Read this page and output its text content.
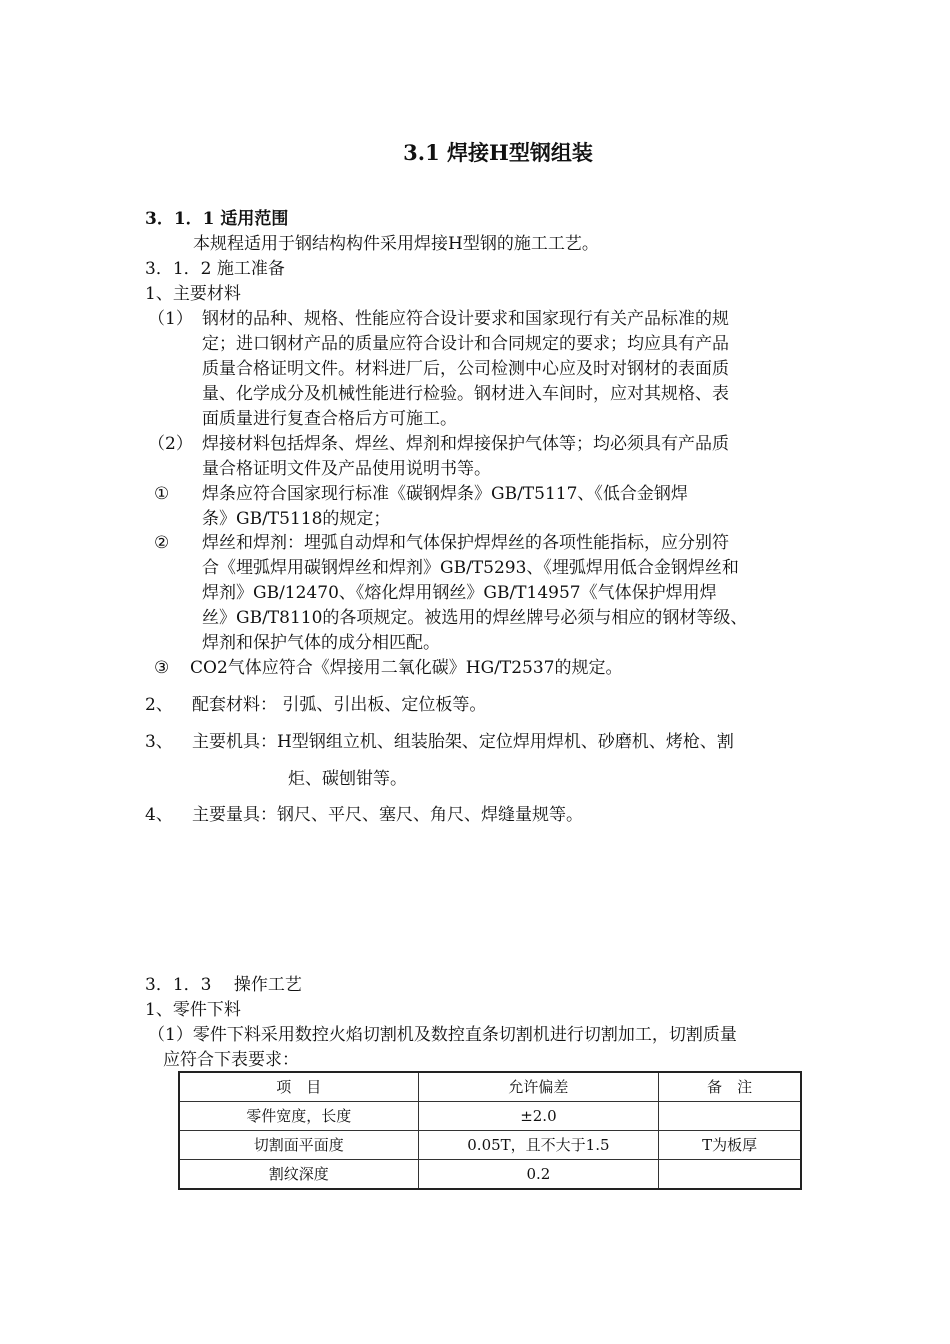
3.1 焊接H型钢组装
3．1．1 适用范围
本规程适用于钢结构构件采用焊接H型钢的施工工艺。
3．1．2 施工准备
1、主要材料
（1） 钢材的品种、规格、性能应符合设计要求和国家现行有关产品标准的规
定；进口钢材产品的质量应符合设计和合同规定的要求；均应具有产品
质量合格证明文件。材料进厂后，公司检测中心应及时对钢材的表面质
量、化学成分及机械性能进行检验。钢材进入车间时，应对其规格、表
面质量进行复查合格后方可施工。
（2） 焊接材料包括焊条、焊丝、焊剂和焊接保护气体等；均必须具有产品质
量合格证明文件及产品使用说明书等。
① 焊条应符合国家现行标准《碳钢焊条》GB/T5117、《低合金钢焊
条》GB/T5118的规定；
② 焊丝和焊剂：埋弧自动焊和气体保护焊焊丝的各项性能指标，应分别符
合《埋弧焊用碳钢焊丝和焊剂》GB/T5293、《埋弧焊用低合金钢焊丝和
焊剂》GB/12470、《熔化焊用钢丝》GB/T14957《气体保护焊用焊
丝》GB/T8110的各项规定。被选用的焊丝牌号必须与相应的钢材等级、
焊剂和保护气体的成分相匹配。
③ CO2气体应符合《焊接用二氧化碳》HG/T2537的规定。
2、 配套材料： 引弧、引出板、定位板等。
3、 主要机具：H型钢组立机、组装胎架、定位焊用焊机、砂磨机、烤枪、割
炬、碳刨钳等。
4、 主要量具：钢尺、平尺、塞尺、角尺、焊缝量规等。
3．1．3　 操作工艺
1、零件下料
（1）零件下料采用数控火焰切割机及数控直条切割机进行切割加工，切割质量
应符合下表要求：
项　目	允许偏差	备　注
零件宽度，长度	±2.0	
切割面平面度	0.05T，且不大于1.5	T为板厚
割纹深度	0.2	
